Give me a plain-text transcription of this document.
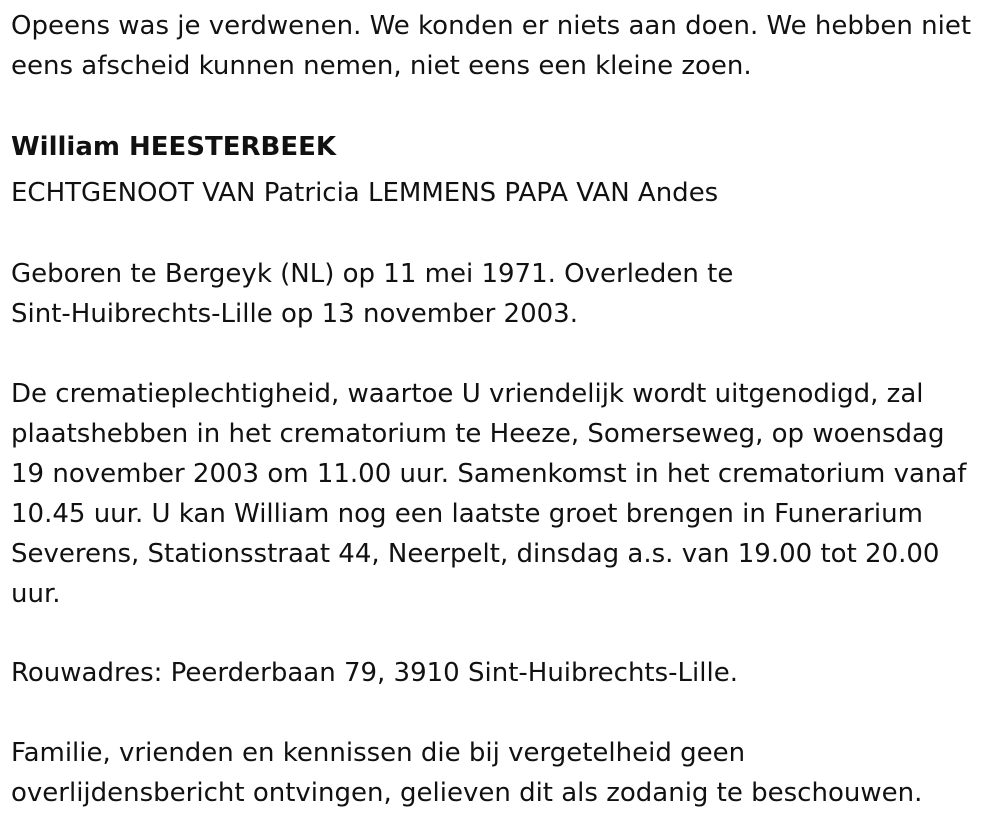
Opeens was je verdwenen. We konden er niets aan doen. We hebben niet
eens afscheid kunnen nemen, niet eens een kleine zoen.

William HEESTERBEEK

ECHTGENOOT VAN Patricia LEMMENS PAPA VAN Andes

Geboren te Bergeyk (NL) op 11 mei 1971. Overleden te
Sint-Huibrechts-Lille op 13 november 2003.

De crematieplechtigheid, waartoe U vriendelijk wordt uitgenodigd, zal
plaatshebben in het crematorium te Heeze, Somerseweg, op woensdag
19 november 2003 om 11.00 uur. Samenkomst in het crematorium vanaf
10.45 uur. U kan William nog een laatste groet brengen in Funerarium
Severens, Stationsstraat 44, Neerpelt, dinsdag a.s. van 19.00 tot 20.00
uur.

Rouwadres: Peerderbaan 79, 3910 Sint-Huibrechts-Lille.

Familie, vrienden en kennissen die bij vergetelheid geen
overlijdensbericht ontvingen, gelieven dit als zodanig te beschouwen.
